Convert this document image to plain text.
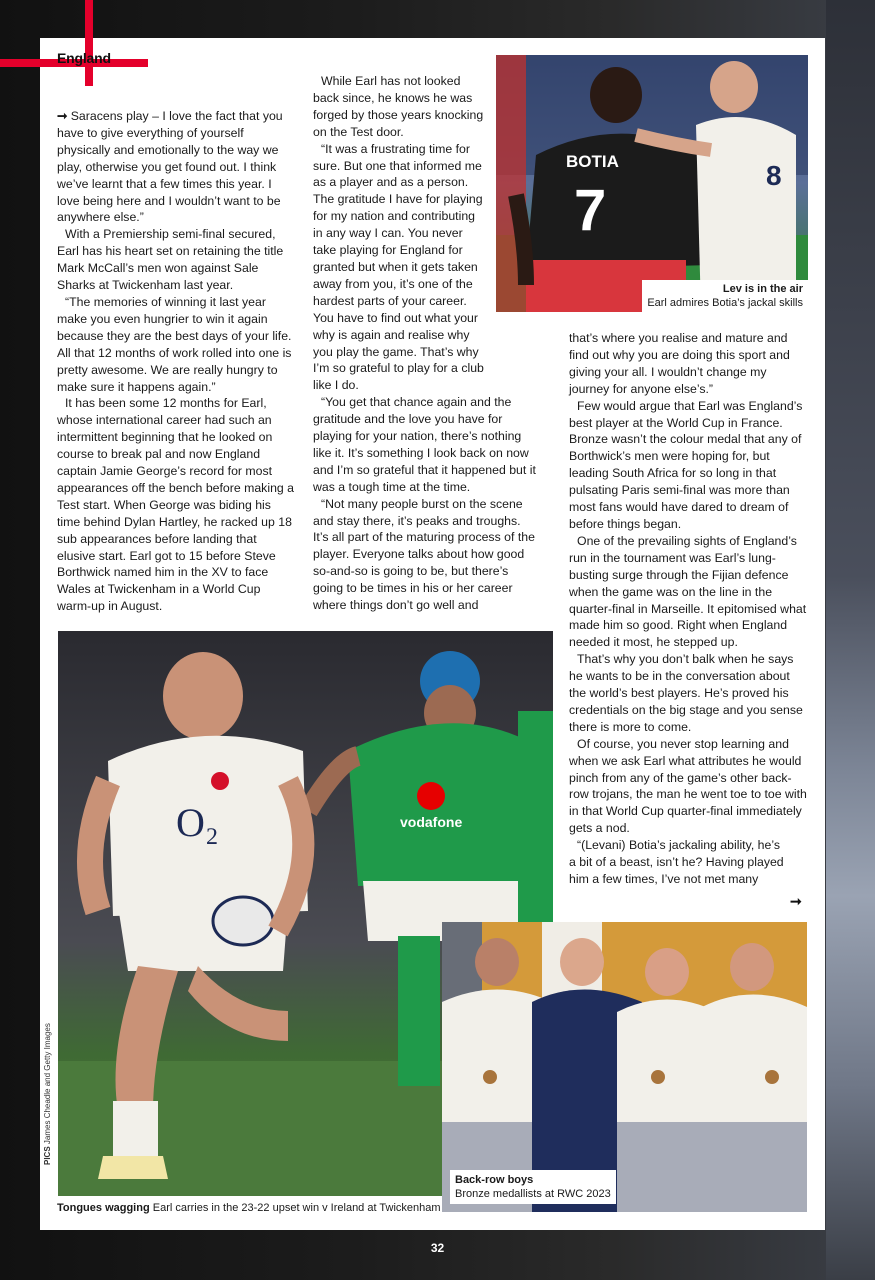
England

➞ Saracens play – I love the fact that you have to give everything of yourself physically and emotionally to the way we play, otherwise you get found out. I think we’ve learnt that a few times this year. I love being here and I wouldn’t want to be anywhere else.”

With a Premiership semi-final secured, Earl has his heart set on retaining the title Mark McCall’s men won against Sale Sharks at Twickenham last year.

“The memories of winning it last year make you even hungrier to win it again because they are the best days of your life. All that 12 months of work rolled into one is pretty awesome. We are really hungry to make sure it happens again.”

It has been some 12 months for Earl, whose international career had such an intermittent beginning that he looked on course to break pal and now England captain Jamie George’s record for most appearances off the bench before making a Test start. When George was biding his time behind Dylan Hartley, he racked up 18 sub appearances before landing that elusive start. Earl got to 15 before Steve Borthwick named him in the XV to face Wales at Twickenham in a World Cup warm-up in August.

While Earl has not looked back since, he knows he was forged by those years knocking on the Test door.

“It was a frustrating time for sure. But one that informed me as a player and as a person. The gratitude I have for playing for my nation and contributing in any way I can. You never take playing for England for granted but when it gets taken away from you, it’s one of the hardest parts of your career. You have to find out what your why is again and realise why you play the game. That’s why I’m so grateful to play for a club like I do.

“You get that chance again and the gratitude and the love you have for playing for your nation, there’s nothing like it. It’s something I look back on now and I’m so grateful that it happened but it was a tough time at the time.

“Not many people burst on the scene and stay there, it’s peaks and troughs. It’s all part of the maturing process of the player. Everyone talks about how good so-and-so is going to be, but there’s going to be times in his or her career where things don’t go well and

that’s where you realise and mature and find out why you are doing this sport and giving your all. I wouldn’t change my journey for anyone else’s.”

Few would argue that Earl was England’s best player at the World Cup in France. Bronze wasn’t the colour medal that any of Borthwick’s men were hoping for, but leading South Africa for so long in that pulsating Paris semi-final was more than most fans would have dared to dream of before things began.

One of the prevailing sights of England’s run in the tournament was Earl’s lung-busting surge through the Fijian defence when the game was on the line in the quarter-final in Marseille. It epitomised what made him so good. Right when England needed it most, he stepped up.

That’s why you don’t balk when he says he wants to be in the conversation about the world’s best players. He’s proved his credentials on the big stage and you sense there is more to come.

Of course, you never stop learning and when we ask Earl what attributes he would pinch from any of the game’s other back-row trojans, the man he went toe to toe with in that World Cup quarter-final immediately gets a nod.

“(Levani) Botia’s jackaling ability, he’s a bit of a beast, isn’t he? Having played him a few times, I’ve not met many

➞
BOTIA
7
8
Lev is in the air
Earl admires Botia’s jackal skills
vodafone
O₂
Tongues wagging Earl carries in the 23-22 upset win v Ireland at Twickenham
Back-row boys
Bronze medallists at RWC 2023
PICS James Cheadle and Getty Images
32
